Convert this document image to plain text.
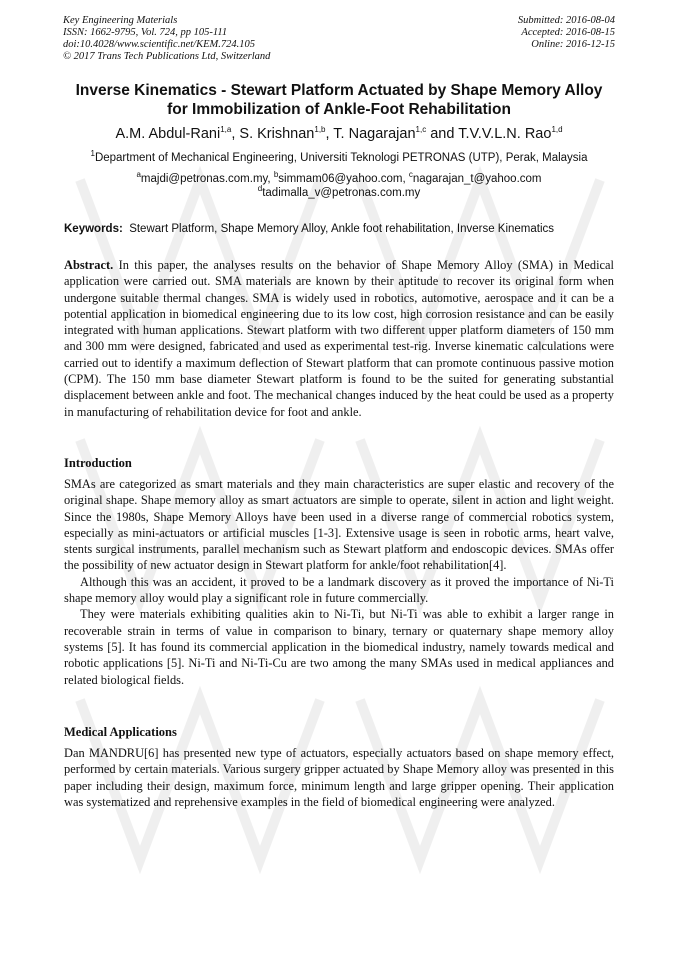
Key Engineering Materials
ISSN: 1662-9795, Vol. 724, pp 105-111
doi:10.4028/www.scientific.net/KEM.724.105
© 2017 Trans Tech Publications Ltd, Switzerland
Submitted: 2016-08-04
Accepted: 2016-08-15
Online: 2016-12-15
Inverse Kinematics - Stewart Platform Actuated by Shape Memory Alloy
for Immobilization of Ankle-Foot Rehabilitation
A.M. Abdul-Rani$^{1,a}$, S. Krishnan$^{1,b}$, T. Nagarajan$^{1,c}$ and T.V.V.L.N. Rao$^{1,d}$
$^1$Department of Mechanical Engineering, Universiti Teknologi PETRONAS (UTP), Perak, Malaysia
$^a$majdi@petronas.com.my, $^b$simmam06@yahoo.com, $^c$nagarajan_t@yahoo.com
$^d$tadimalla_v@petronas.com.my
Keywords: Stewart Platform, Shape Memory Alloy, Ankle foot rehabilitation, Inverse Kinematics

Abstract. In this paper, the analyses results on the behavior of Shape Memory Alloy (SMA) in Medical application were carried out. SMA materials are known by their aptitude to recover its original form when undergone suitable thermal changes. SMA is widely used in robotics, automotive, aerospace and it can be a potential application in biomedical engineering due to its low cost, high corrosion resistance and can be easily integrated with human applications. Stewart platform with two different upper platform diameters of 150 mm and 300 mm were designed, fabricated and used as experimental test-rig. Inverse kinematic calculations were carried out to identify a maximum deflection of Stewart platform that can promote continuous passive motion (CPM). The 150 mm base diameter Stewart platform is found to be the suited for generating substantial displacement between ankle and foot. The mechanical changes induced by the heat could be used as a property in manufacturing of rehabilitation device for foot and ankle.

Introduction

SMAs are categorized as smart materials and they main characteristics are super elastic and recovery of the original shape. Shape memory alloy as smart actuators are simple to operate, silent in action and light weight. Since the 1980s, Shape Memory Alloys have been used in a diverse range of commercial robotics system, especially as mini-actuators or artificial muscles [1-3]. Extensive usage is seen in robotic arms, heart valve, stents surgical instruments, parallel mechanism such as Stewart platform and endoscopic devices. SMAs offer the possibility of new actuator design in Stewart platform for ankle/foot rehabilitation[4].

Although this was an accident, it proved to be a landmark discovery as it proved the importance of Ni-Ti shape memory alloy would play a significant role in future commercially.

They were materials exhibiting qualities akin to Ni-Ti, but Ni-Ti was able to exhibit a larger range in recoverable strain in terms of value in comparison to binary, ternary or quaternary shape memory alloy systems [5]. It has found its commercial application in the biomedical industry, namely towards medical and robotic applications [5]. Ni-Ti and Ni-Ti-Cu are two among the many SMAs used in medical appliances and related biological fields.

Medical Applications

Dan MANDRU[6] has presented new type of actuators, especially actuators based on shape memory effect, performed by certain materials. Various surgery gripper actuated by Shape Memory alloy was presented in this paper including their design, maximum force, minimum length and large gripper opening. Their application was systematized and reprehensive examples in the field of biomedical engineering were analyzed.
